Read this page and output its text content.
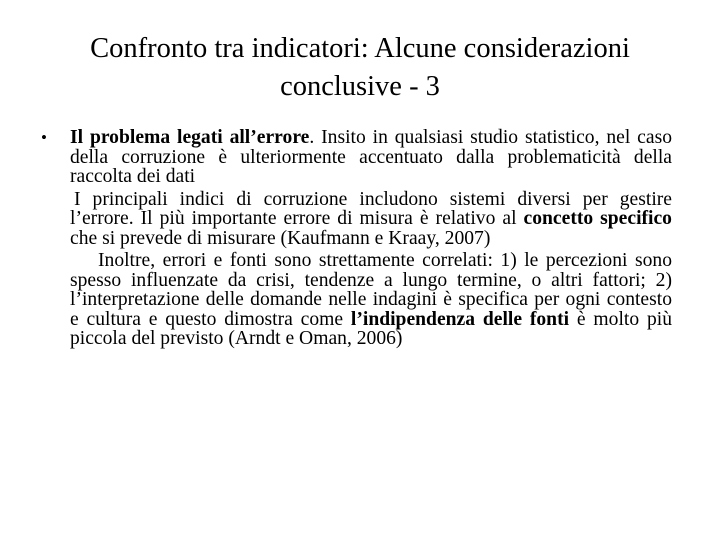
Confronto tra indicatori: Alcune considerazioni
conclusive - 3
•	Il problema legati all’errore. Insito in qualsiasi studio statistico, nel caso della corruzione è ulteriormente accentuato dalla problematicità della raccolta dei dati

I principali indici di corruzione includono sistemi diversi per gestire l’errore. Il più importante errore di misura è relativo al concetto specifico che si prevede di misurare (Kaufmann e Kraay, 2007)

Inoltre, errori e fonti sono strettamente correlati: 1) le percezioni sono spesso influenzate da crisi, tendenze a lungo termine, o altri fattori; 2) l’interpretazione delle domande nelle indagini è specifica per ogni contesto e cultura e questo dimostra come l’indipendenza delle fonti è molto più piccola del previsto (Arndt e Oman, 2006)
